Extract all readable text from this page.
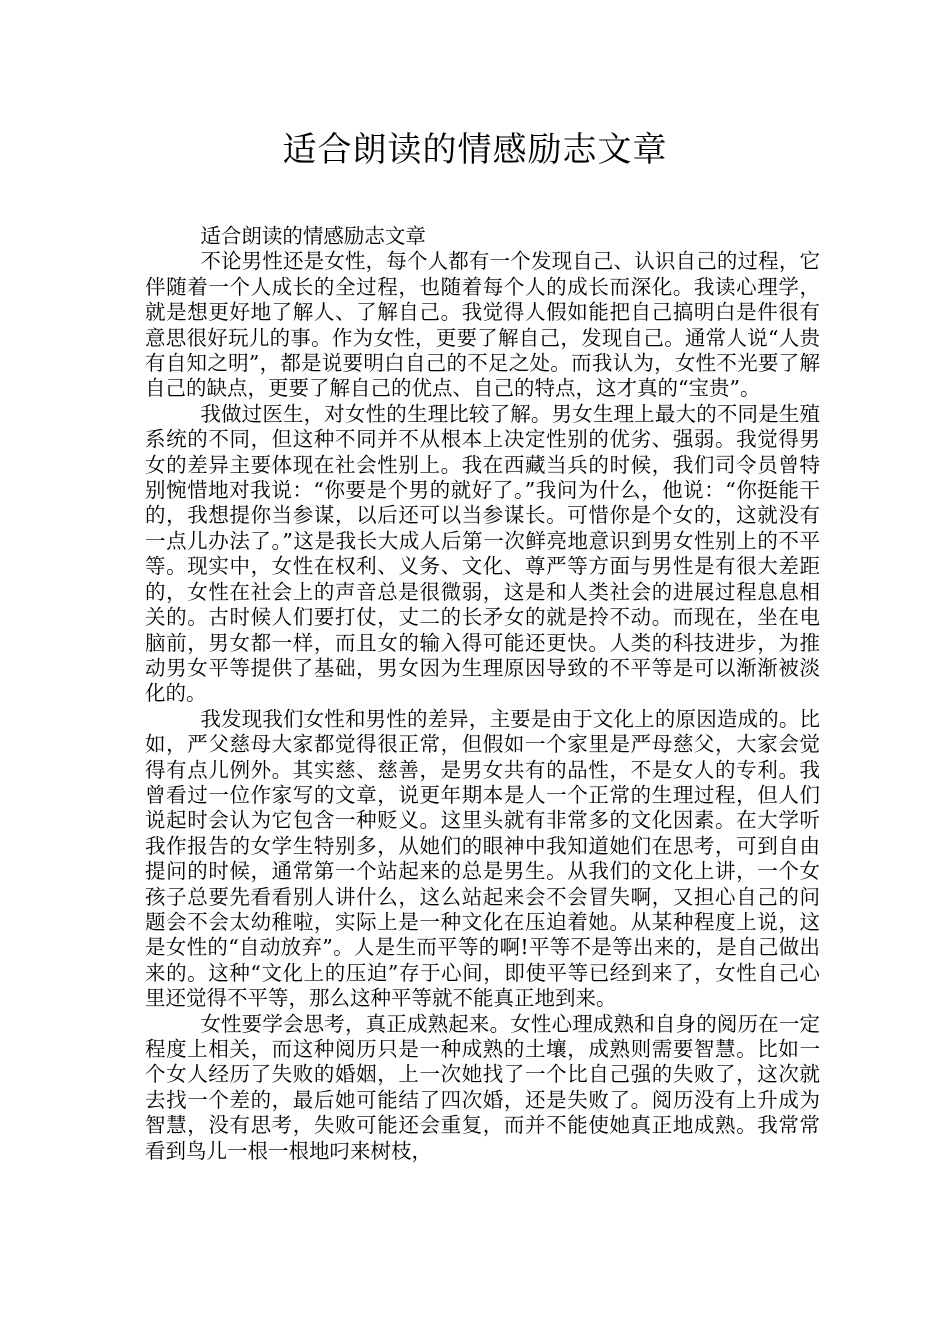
适合朗读的情感励志文章

适合朗读的情感励志文章

不论男性还是女性，每个人都有一个发现自己、认识自己的过程，它伴随着一个人成长的全过程，也随着每个人的成长而深化。我读心理学，就是想更好地了解人、了解自己。我觉得人假如能把自己搞明白是件很有意思很好玩儿的事。作为女性，更要了解自己，发现自己。通常人说“人贵有自知之明”，都是说要明白自己的不足之处。而我认为，女性不光要了解自己的缺点，更要了解自己的优点、自己的特点，这才真的“宝贵”。

我做过医生，对女性的生理比较了解。男女生理上最大的不同是生殖系统的不同，但这种不同并不从根本上决定性别的优劣、强弱。我觉得男女的差异主要体现在社会性别上。我在西藏当兵的时候，我们司令员曾特别惋惜地对我说：“你要是个男的就好了。”我问为什么，他说：“你挺能干的，我想提你当参谋，以后还可以当参谋长。可惜你是个女的，这就没有一点儿办法了。”这是我长大成人后第一次鲜亮地意识到男女性别上的不平等。现实中，女性在权利、义务、文化、尊严等方面与男性是有很大差距的，女性在社会上的声音总是很微弱，这是和人类社会的进展过程息息相关的。古时候人们要打仗，丈二的长矛女的就是拎不动。而现在，坐在电脑前，男女都一样，而且女的输入得可能还更快。人类的科技进步，为推动男女平等提供了基础，男女因为生理原因导致的不平等是可以渐渐被淡化的。

我发现我们女性和男性的差异，主要是由于文化上的原因造成的。比如，严父慈母大家都觉得很正常，但假如一个家里是严母慈父，大家会觉得有点儿例外。其实慈、慈善，是男女共有的品性，不是女人的专利。我曾看过一位作家写的文章，说更年期本是人一个正常的生理过程，但人们说起时会认为它包含一种贬义。这里头就有非常多的文化因素。在大学听我作报告的女学生特别多，从她们的眼神中我知道她们在思考，可到自由提问的时候，通常第一个站起来的总是男生。从我们的文化上讲，一个女孩子总要先看看别人讲什么，这么站起来会不会冒失啊，又担心自己的问题会不会太幼稚啦，实际上是一种文化在压迫着她。从某种程度上说，这是女性的“自动放弃”。人是生而平等的啊!平等不是等出来的，是自己做出来的。这种“文化上的压迫”存于心间，即使平等已经到来了，女性自己心里还觉得不平等，那么这种平等就不能真正地到来。

女性要学会思考，真正成熟起来。女性心理成熟和自身的阅历在一定程度上相关，而这种阅历只是一种成熟的土壤，成熟则需要智慧。比如一个女人经历了失败的婚姻，上一次她找了一个比自己强的失败了，这次就去找一个差的，最后她可能结了四次婚，还是失败了。阅历没有上升成为智慧，没有思考，失败可能还会重复，而并不能使她真正地成熟。我常常看到鸟儿一根一根地叼来树枝，
